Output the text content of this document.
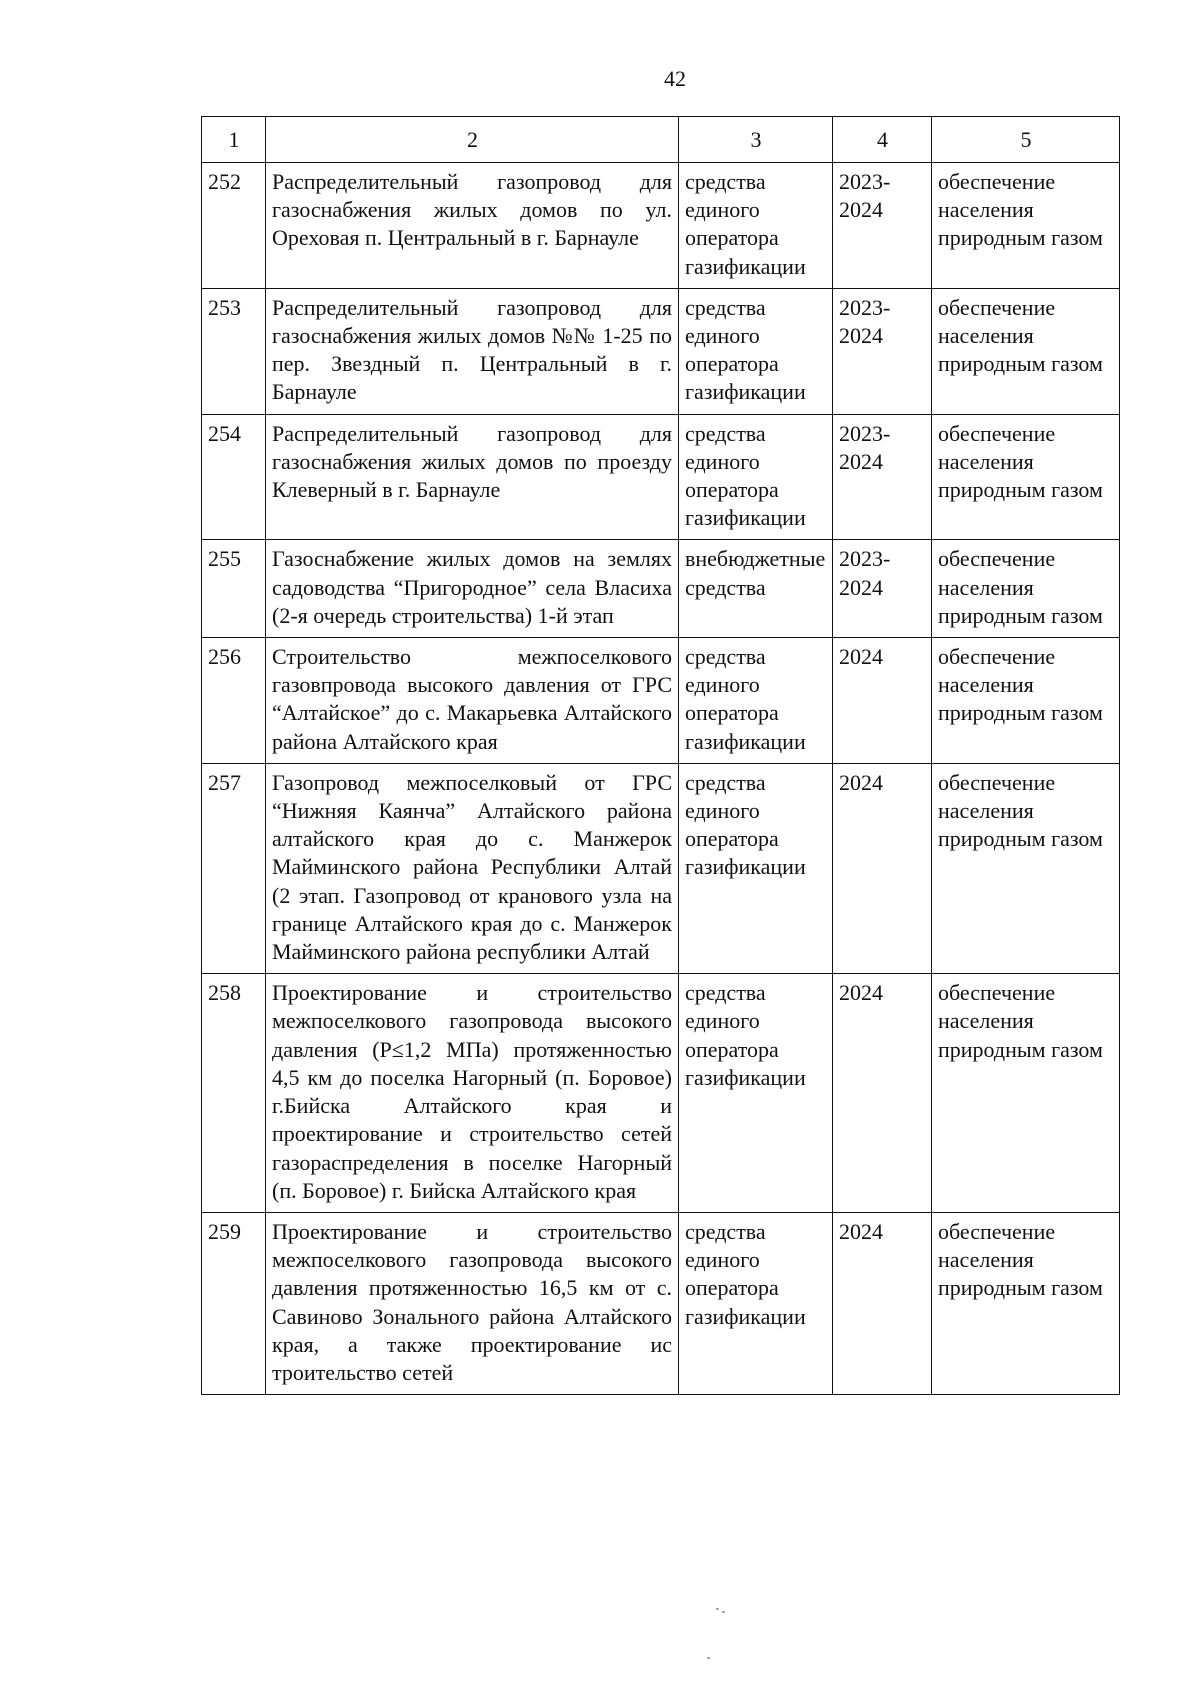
42
1	2	3	4	5
252	Распределительный газопровод для газоснабжения жилых домов по ул. Ореховая п. Центральный в г. Барнауле	средства единого оператора газификации	2023-2024	обеспечение населения природным газом
253	Распределительный газопровод для газоснабжения жилых домов №№ 1-25 по пер. Звездный п. Центральный в г. Барнауле	средства единого оператора газификации	2023-2024	обеспечение населения природным газом
254	Распределительный газопровод для газоснабжения жилых домов по проезду Клеверный в г. Барнауле	средства единого оператора газификации	2023-2024	обеспечение населения природным газом
255	Газоснабжение жилых домов на землях садоводства “Пригородное” села Власиха (2-я очередь строительства) 1-й этап	внебюджетные средства	2023-2024	обеспечение населения природным газом
256	Строительство межпоселкового газовпровода высокого давления от ГРС “Алтайское” до с. Макарьевка Алтайского района Алтайского края	средства единого оператора газификации	2024	обеспечение населения природным газом
257	Газопровод межпоселковый от ГРС “Нижняя Каянча” Алтайского района алтайского края до с. Манжерок Майминского района Республики Алтай (2 этап. Газопровод от кранового узла на границе Алтайского края до с. Манжерок Майминского района республики Алтай	средства единого оператора газификации	2024	обеспечение населения природным газом
258	Проектирование и строительство межпоселкового газопровода высокого давления (Р≤1,2 МПа) протяженностью 4,5 км до поселка Нагорный (п. Боровое) г.Бийска Алтайского края и проектирование и строительство сетей газораспределения в поселке Нагорный (п. Боровое) г. Бийска Алтайского края	средства единого оператора газификации	2024	обеспечение населения природным газом
259	Проектирование и строительство межпоселкового газопровода высокого давления протяженностью 16,5 км от с. Савиново Зонального района Алтайского края, а также проектирование ис троительство сетей	средства единого оператора газификации	2024	обеспечение населения природным газом
